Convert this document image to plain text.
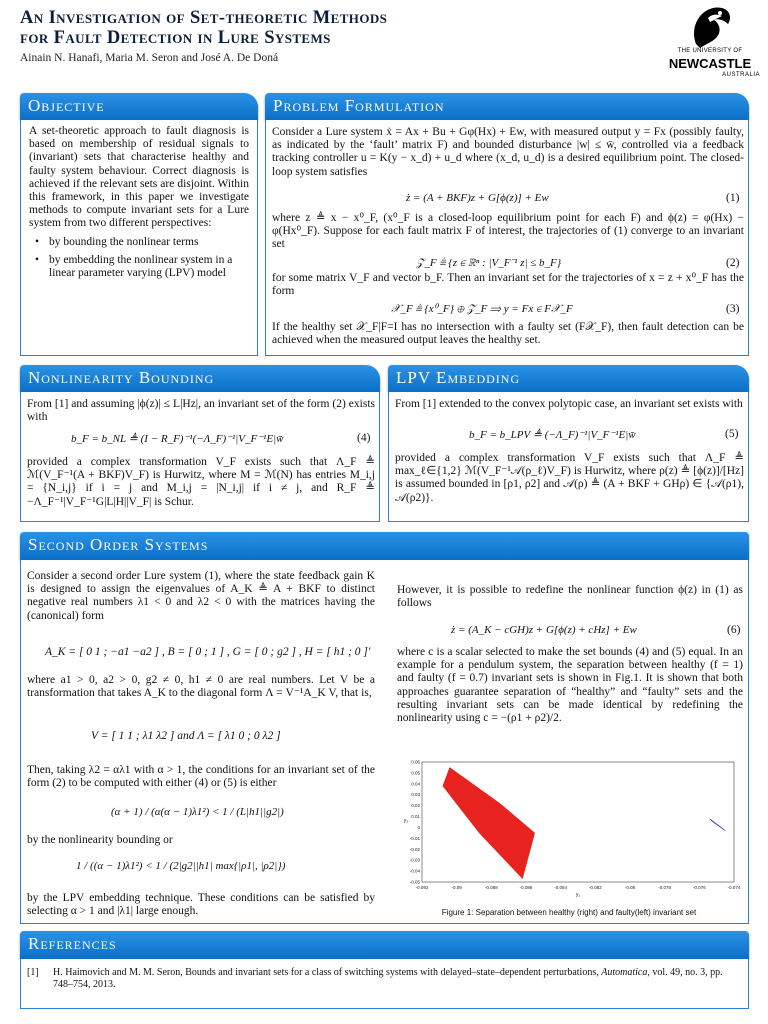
An Investigation of Set-theoretic Methods
for Fault Detection in Lure Systems
Ainain N. Hanafi, Maria M. Seron and José A. De Doná
THE UNIVERSITY OF
NEWCASTLE
AUSTRALIA
Objective
A set-theoretic approach to fault diagnosis is based on membership of residual signals to (invariant) sets that characterise healthy and faulty system behaviour. Correct diagnosis is achieved if the relevant sets are disjoint. Within this framework, in this paper we investigate methods to compute invariant sets for a Lure system from two different perspectives:
• by bounding the nonlinear terms
• by embedding the nonlinear system in a linear parameter varying (LPV) model
Problem Formulation
Consider a Lure system ẋ = Ax + Bu + Gφ(Hx) + Ew, with measured output y = Fx (possibly faulty, as indicated by the ‘fault’ matrix F) and bounded disturbance |w| ≤ w̄, controlled via a feedback tracking controller u = K(y − x_d) + u_d where (x_d, u_d) is a desired equilibrium point. The closed-loop system satisfies
ż = (A + BKF)z + G[ϕ(z)] + Ew	(1)
where z ≜ x − x⁰_F, (x⁰_F is a closed-loop equilibrium point for each F) and ϕ(z) = φ(Hx) − φ(Hx⁰_F). Suppose for each fault matrix F of interest, the trajectories of (1) converge to an invariant set
𝒵_F ≜ {z ∈ ℝⁿ : |V_F⁻¹ z| ≤ b_F}	(2)
for some matrix V_F and vector b_F. Then an invariant set for the trajectories of x = z + x⁰_F has the form
𝒳_F ≜ {x⁰_F} ⊕ 𝒵_F ⟹ y = Fx ∈ F𝒳_F	(3)
If the healthy set 𝒳_F|F=I has no intersection with a faulty set (F𝒳_F), then fault detection can be achieved when the measured output leaves the healthy set.
Nonlinearity Bounding
From [1] and assuming |ϕ(z)| ≤ L|Hz|, an invariant set of the form (2) exists with
b_F = b_NL ≜ (I − R_F)⁻¹(−Λ_F)⁻¹|V_F⁻¹E|w̄	(4)
provided a complex transformation V_F exists such that Λ_F ≜ ℳ(V_F⁻¹(A + BKF)V_F) is Hurwitz, where M = ℳ(N) has entries M_i,j = {N_i,j} if i = j and M_i,j = |N_i,j| if i ≠ j, and R_F ≜ −Λ_F⁻¹|V_F⁻¹G|L|H||V_F| is Schur.
LPV Embedding
From [1] extended to the convex polytopic case, an invariant set exists with
b_F = b_LPV ≜ (−Λ_F)⁻¹|V_F⁻¹E|w̄	(5)
provided a complex transformation V_F exists such that Λ_F ≜ max_ℓ∈{1,2} ℳ(V_F⁻¹𝒜(ρ_ℓ)V_F) is Hurwitz, where ρ(z) ≜ [ϕ(z)]/[Hz] is assumed bounded in [ρ1, ρ2] and 𝒜(ρ) ≜ (A + BKF + GHρ) ∈ {𝒜(ρ1), 𝒜(ρ2)}.
Second Order Systems
Consider a second order Lure system (1), where the state feedback gain K is designed to assign the eigenvalues of A_K ≜ A + BKF to distinct negative real numbers λ1 < 0 and λ2 < 0 with the matrices having the (canonical) form
A_K = [ 0 1 ; −a1 −a2 ] , B = [ 0 ; 1 ] , G = [ 0 ; g2 ] , H = [ h1 ; 0 ]′
where a1 > 0, a2 > 0, g2 ≠ 0, h1 ≠ 0 are real numbers. Let V be a transformation that takes A_K to the diagonal form Λ = V⁻¹A_K V, that is,
V = [ 1 1 ; λ1 λ2 ] and Λ = [ λ1 0 ; 0 λ2 ]
Then, taking λ2 = αλ1 with α > 1, the conditions for an invariant set of the form (2) to be computed with either (4) or (5) is either
(α + 1) / (α(α − 1)λ1²) < 1 / (L|h1||g2|)
by the nonlinearity bounding or
1 / ((α − 1)λ1²) < 1 / (2|g2||h1| max{|ρ1|, |ρ2|})
by the LPV embedding technique. These conditions can be satisfied by selecting α > 1 and |λ1| large enough.
However, it is possible to redefine the nonlinear function ϕ(z) in (1) as follows
ż = (A_K − cGH)z + G[ϕ(z) + cHz] + Ew	(6)
where c is a scalar selected to make the set bounds (4) and (5) equal. In an example for a pendulum system, the separation between healthy (f = 1) and faulty (f = 0.7) invariant sets is shown in Fig.1. It is shown that both approaches guarantee separation of “healthy” and “faulty” sets and the resulting invariant sets can be made identical by redefining the nonlinearity using c = −(ρ1 + ρ2)/2.
-0.092	-0.09	-0.088	-0.086	-0.084	-0.082	-0.08	-0.078	-0.076	-0.074
0.06
0.05
0.04
0.03
0.02
0.01
0
-0.01
-0.02
-0.03
-0.04
-0.05
y₁
y₂
Figure 1: Separation between healthy (right) and faulty(left) invariant set
References
[1] H. Haimovich and M. M. Seron, Bounds and invariant sets for a class of switching systems with delayed–state–dependent perturbations, Automatica, vol. 49, no. 3, pp. 748–754, 2013.
